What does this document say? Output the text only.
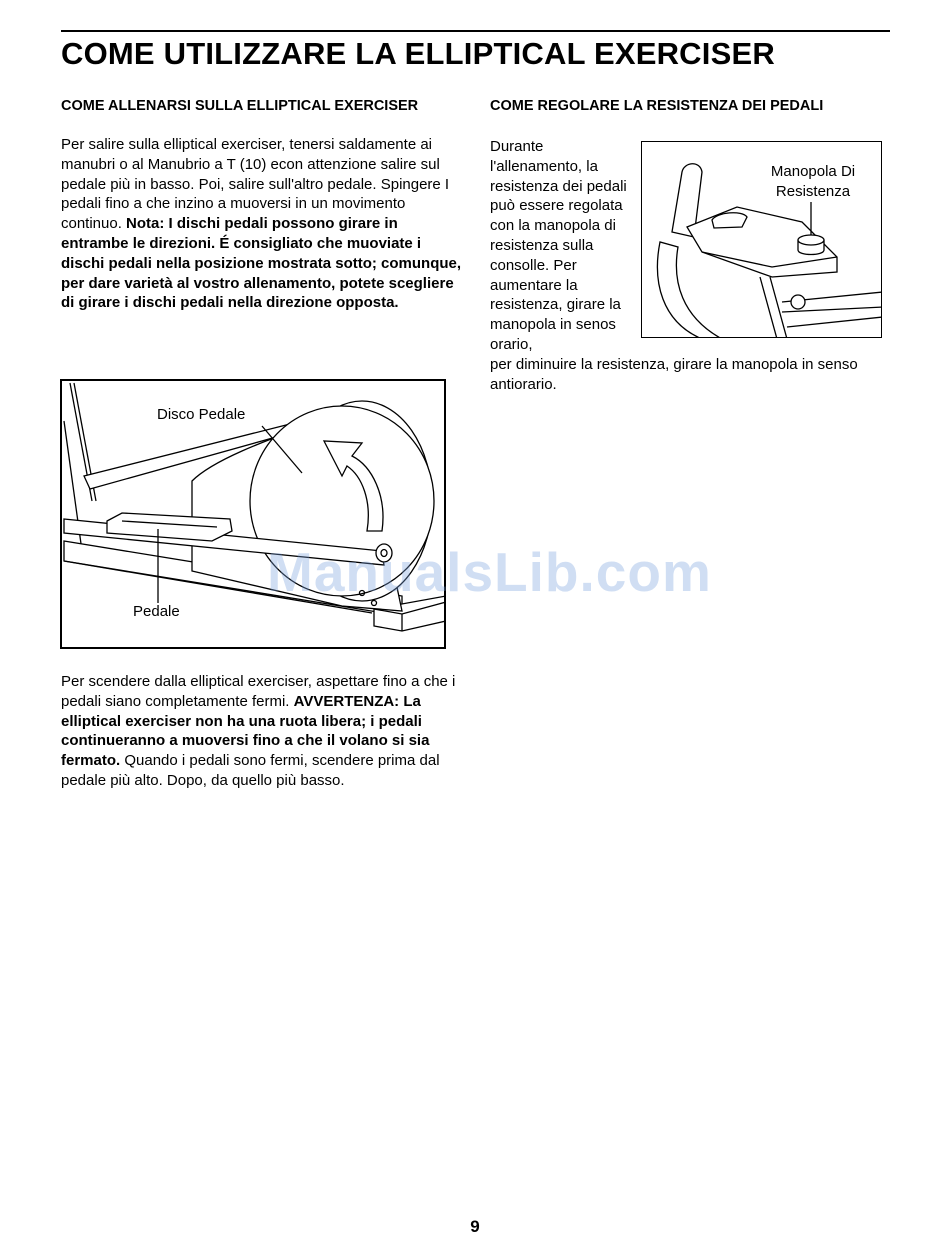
COME UTILIZZARE LA ELLIPTICAL EXERCISER
COME ALLENARSI SULLA ELLIPTICAL EXERCISER

Per salire sulla elliptical exerciser, tenersi saldamente ai manubri o al Manubrio a T (10) econ attenzione salire sul pedale più in basso. Poi, salire sull'altro pedale. Spingere I pedali fino a che inzino a muoversi in un movimento continuo. Nota: I dischi pedali possono girare in entrambe le direzioni. É consigliato che muoviate i dischi pedali nella posizione mostrata sotto; comunque, per dare varietà al vostro allenamento, potete scegliere di girare i dischi pedali nella direzione opposta.

Disco Pedale
Pedale

Per scendere dalla elliptical exerciser, aspettare fino a che i pedali siano completamente fermi. AVVERTENZA: La elliptical exerciser non ha una ruota libera; i pedali continueranno a muoversi fino a che il volano si sia fermato. Quando i pedali sono fermi, scendere prima dal pedale più alto. Dopo, da quello più basso.

COME REGOLARE LA RESISTENZA DEI PEDALI

Durante l'allenamento, la resistenza dei pedali può essere regolata con la manopola di resistenza sulla consolle. Per aumentare la resistenza, girare la manopola in senos orario,

per diminuire la resistenza, girare la manopola in senso antiorario.

Manopola Di Resistenza
ManualsLib.com
9
